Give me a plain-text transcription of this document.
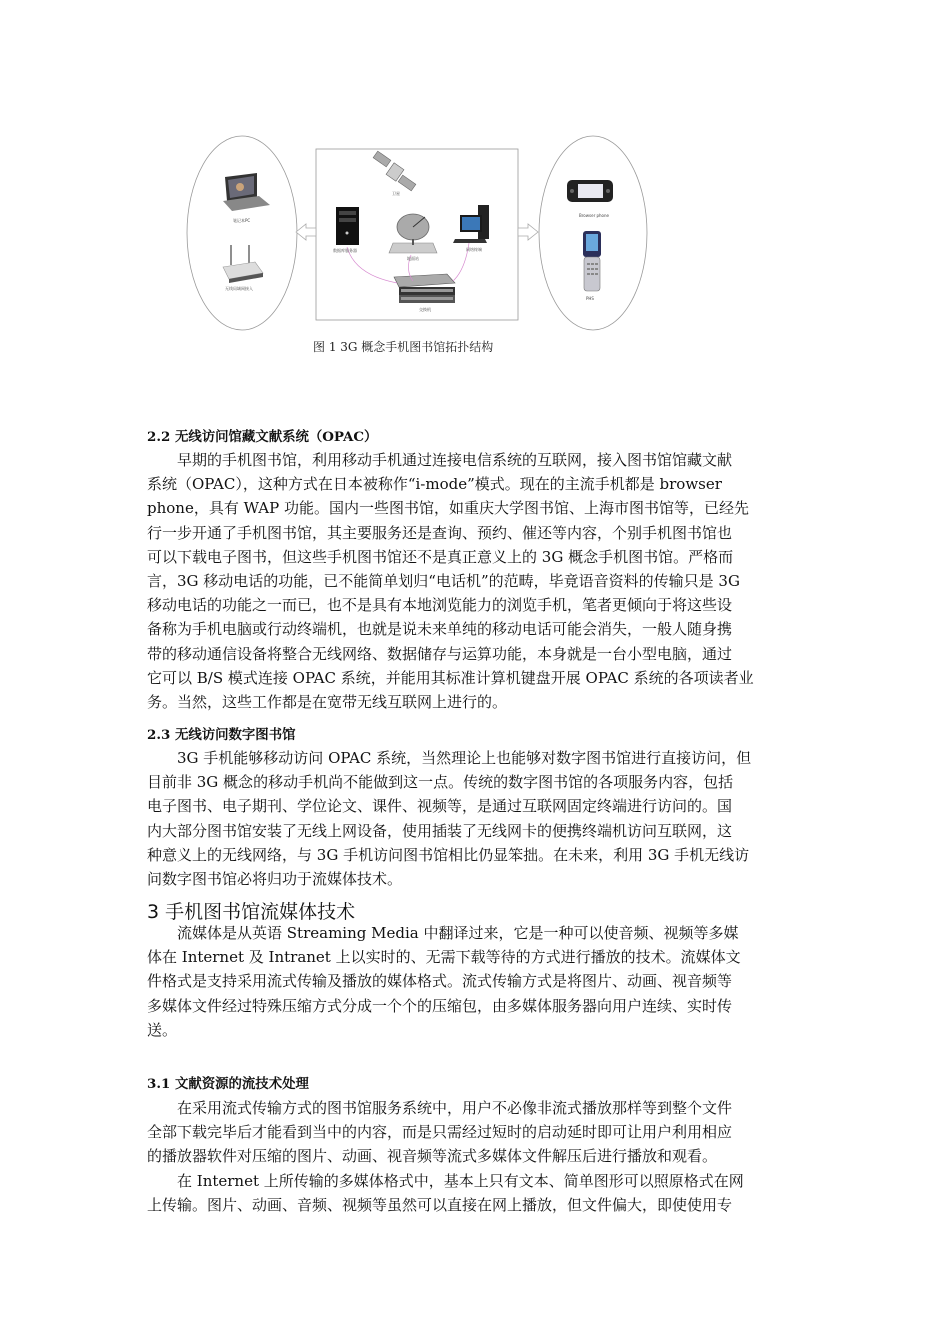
笔记本PC
无线局域网接入
卫星
数据库服务器
地面站
网络终端
交换机
Browser phone
PHS
图 1 3G 概念手机图书馆拓扑结构
2.2 无线访问馆藏文献系统（OPAC）
早期的手机图书馆，利用移动手机通过连接电信系统的互联网，接入图书馆馆藏文献
系统（OPAC），这种方式在日本被称作“i-mode”模式。现在的主流手机都是 browser
phone，具有 WAP 功能。国内一些图书馆，如重庆大学图书馆、上海市图书馆等，已经先
行一步开通了手机图书馆，其主要服务还是查询、预约、催还等内容，个别手机图书馆也
可以下载电子图书，但这些手机图书馆还不是真正意义上的 3G 概念手机图书馆。严格而
言，3G 移动电话的功能，已不能简单划归“电话机”的范畴，毕竟语音资料的传输只是 3G
移动电话的功能之一而已，也不是具有本地浏览能力的浏览手机，笔者更倾向于将这些设
备称为手机电脑或行动终端机，也就是说未来单纯的移动电话可能会消失，一般人随身携
带的移动通信设备将整合无线网络、数据储存与运算功能，本身就是一台小型电脑，通过
它可以 B/S 模式连接 OPAC 系统，并能用其标准计算机键盘开展 OPAC 系统的各项读者业
务。当然，这些工作都是在宽带无线互联网上进行的。
2.3 无线访问数字图书馆
3G 手机能够移动访问 OPAC 系统，当然理论上也能够对数字图书馆进行直接访问，但
目前非 3G 概念的移动手机尚不能做到这一点。传统的数字图书馆的各项服务内容，包括
电子图书、电子期刊、学位论文、课件、视频等，是通过互联网固定终端进行访问的。国
内大部分图书馆安装了无线上网设备，使用插装了无线网卡的便携终端机访问互联网，这
种意义上的无线网络，与 3G 手机访问图书馆相比仍显笨拙。在未来，利用 3G 手机无线访
问数字图书馆必将归功于流媒体技术。
3 手机图书馆流媒体技术
流媒体是从英语 Streaming Media 中翻译过来，它是一种可以使音频、视频等多媒
体在 Internet 及 Intranet 上以实时的、无需下载等待的方式进行播放的技术。流媒体文
件格式是支持采用流式传输及播放的媒体格式。流式传输方式是将图片、动画、视音频等
多媒体文件经过特殊压缩方式分成一个个的压缩包，由多媒体服务器向用户连续、实时传
送。
3.1 文献资源的流技术处理
在采用流式传输方式的图书馆服务系统中，用户不必像非流式播放那样等到整个文件
全部下载完毕后才能看到当中的内容，而是只需经过短时的启动延时即可让用户利用相应
的播放器软件对压缩的图片、动画、视音频等流式多媒体文件解压后进行播放和观看。
在 Internet 上所传输的多媒体格式中，基本上只有文本、简单图形可以照原格式在网
上传输。图片、动画、音频、视频等虽然可以直接在网上播放，但文件偏大，即使使用专
